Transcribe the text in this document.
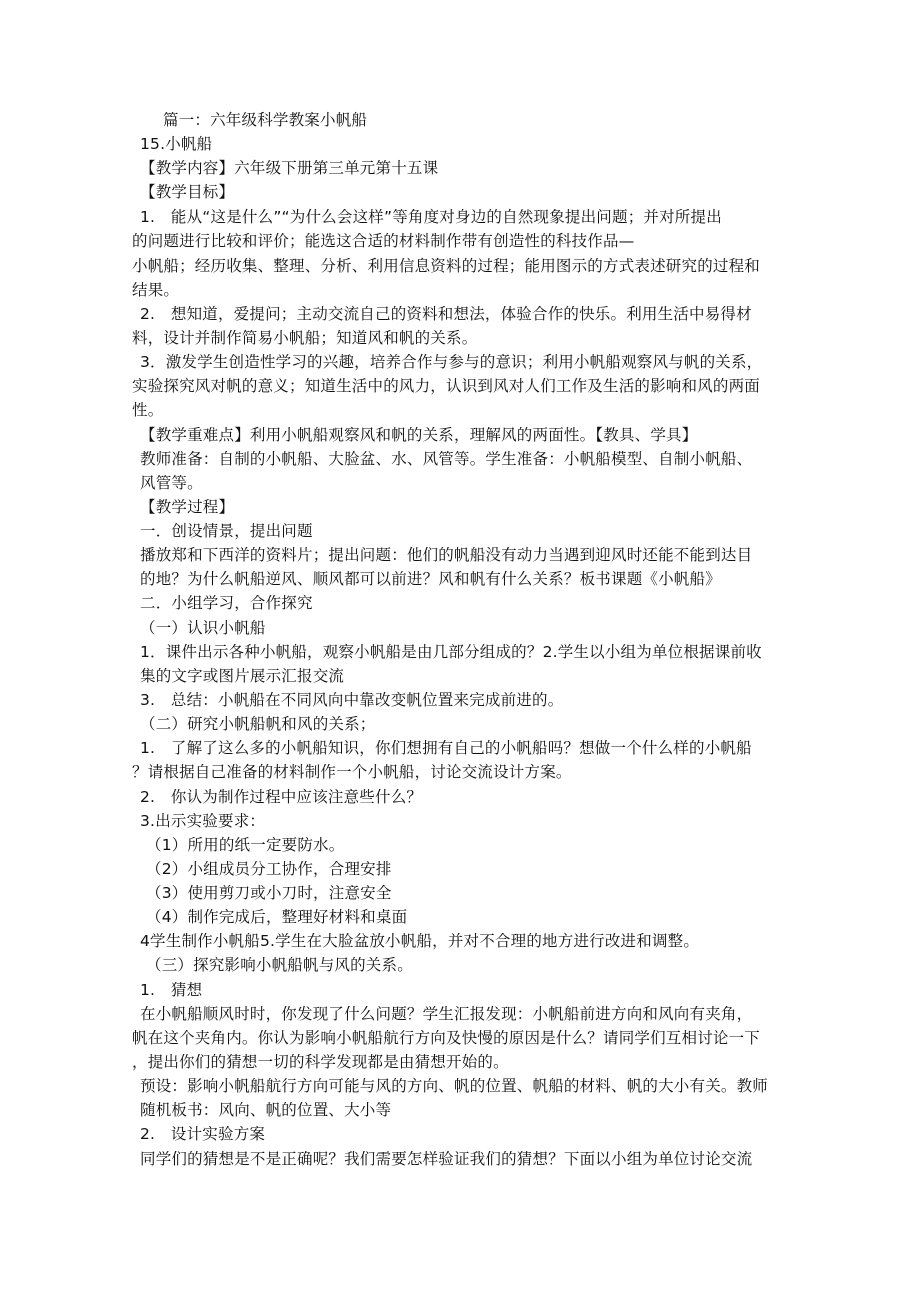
篇一：六年级科学教案小帆船
15.小帆船
【教学内容】六年级下册第三单元第十五课
【教学目标】
1.　能从“这是什么”“为什么会这样”等角度对身边的自然现象提出问题；并对所提出
的问题进行比较和评价；能选这合适的材料制作带有创造性的科技作品—
小帆船；经历收集、整理、分析、利用信息资料的过程；能用图示的方式表述研究的过程和
结果。
2.　想知道，爱提问；主动交流自己的资料和想法，体验合作的快乐。利用生活中易得材
料，设计并制作简易小帆船；知道风和帆的关系。
3．激发学生创造性学习的兴趣，培养合作与参与的意识；利用小帆船观察风与帆的关系，
实验探究风对帆的意义；知道生活中的风力，认识到风对人们工作及生活的影响和风的两面
性。
【教学重难点】利用小帆船观察风和帆的关系，理解风的两面性。【教具、学具】
教师准备：自制的小帆船、大脸盆、水、风管等。学生准备：小帆船模型、自制小帆船、
风管等。
【教学过程】
一．创设情景，提出问题
播放郑和下西洋的资料片；提出问题：他们的帆船没有动力当遇到迎风时还能不能到达目
的地？为什么帆船逆风、顺风都可以前进？风和帆有什么关系？板书课题《小帆船》
二．小组学习，合作探究
（一）认识小帆船
1．课件出示各种小帆船，观察小帆船是由几部分组成的？2.学生以小组为单位根据课前收
集的文字或图片展示汇报交流
3.　总结：小帆船在不同风向中靠改变帆位置来完成前进的。
（二）研究小帆船帆和风的关系；
1.　了解了这么多的小帆船知识，你们想拥有自己的小帆船吗？想做一个什么样的小帆船
？请根据自己准备的材料制作一个小帆船，讨论交流设计方案。
2.　你认为制作过程中应该注意些什么？
3.出示实验要求：
（1）所用的纸一定要防水。
（2）小组成员分工协作，合理安排
（3）使用剪刀或小刀时，注意安全
（4）制作完成后，整理好材料和桌面
4学生制作小帆船5.学生在大脸盆放小帆船，并对不合理的地方进行改进和调整。
（三）探究影响小帆船帆与风的关系。
1.　猜想
在小帆船顺风时时，你发现了什么问题？学生汇报发现：小帆船前进方向和风向有夹角，
帆在这个夹角内。你认为影响小帆船航行方向及快慢的原因是什么？请同学们互相讨论一下
，提出你们的猜想一切的科学发现都是由猜想开始的。
预设：影响小帆船航行方向可能与风的方向、帆的位置、帆船的材料、帆的大小有关。教师
随机板书：风向、帆的位置、大小等
2.　设计实验方案
同学们的猜想是不是正确呢？我们需要怎样验证我们的猜想？下面以小组为单位讨论交流
